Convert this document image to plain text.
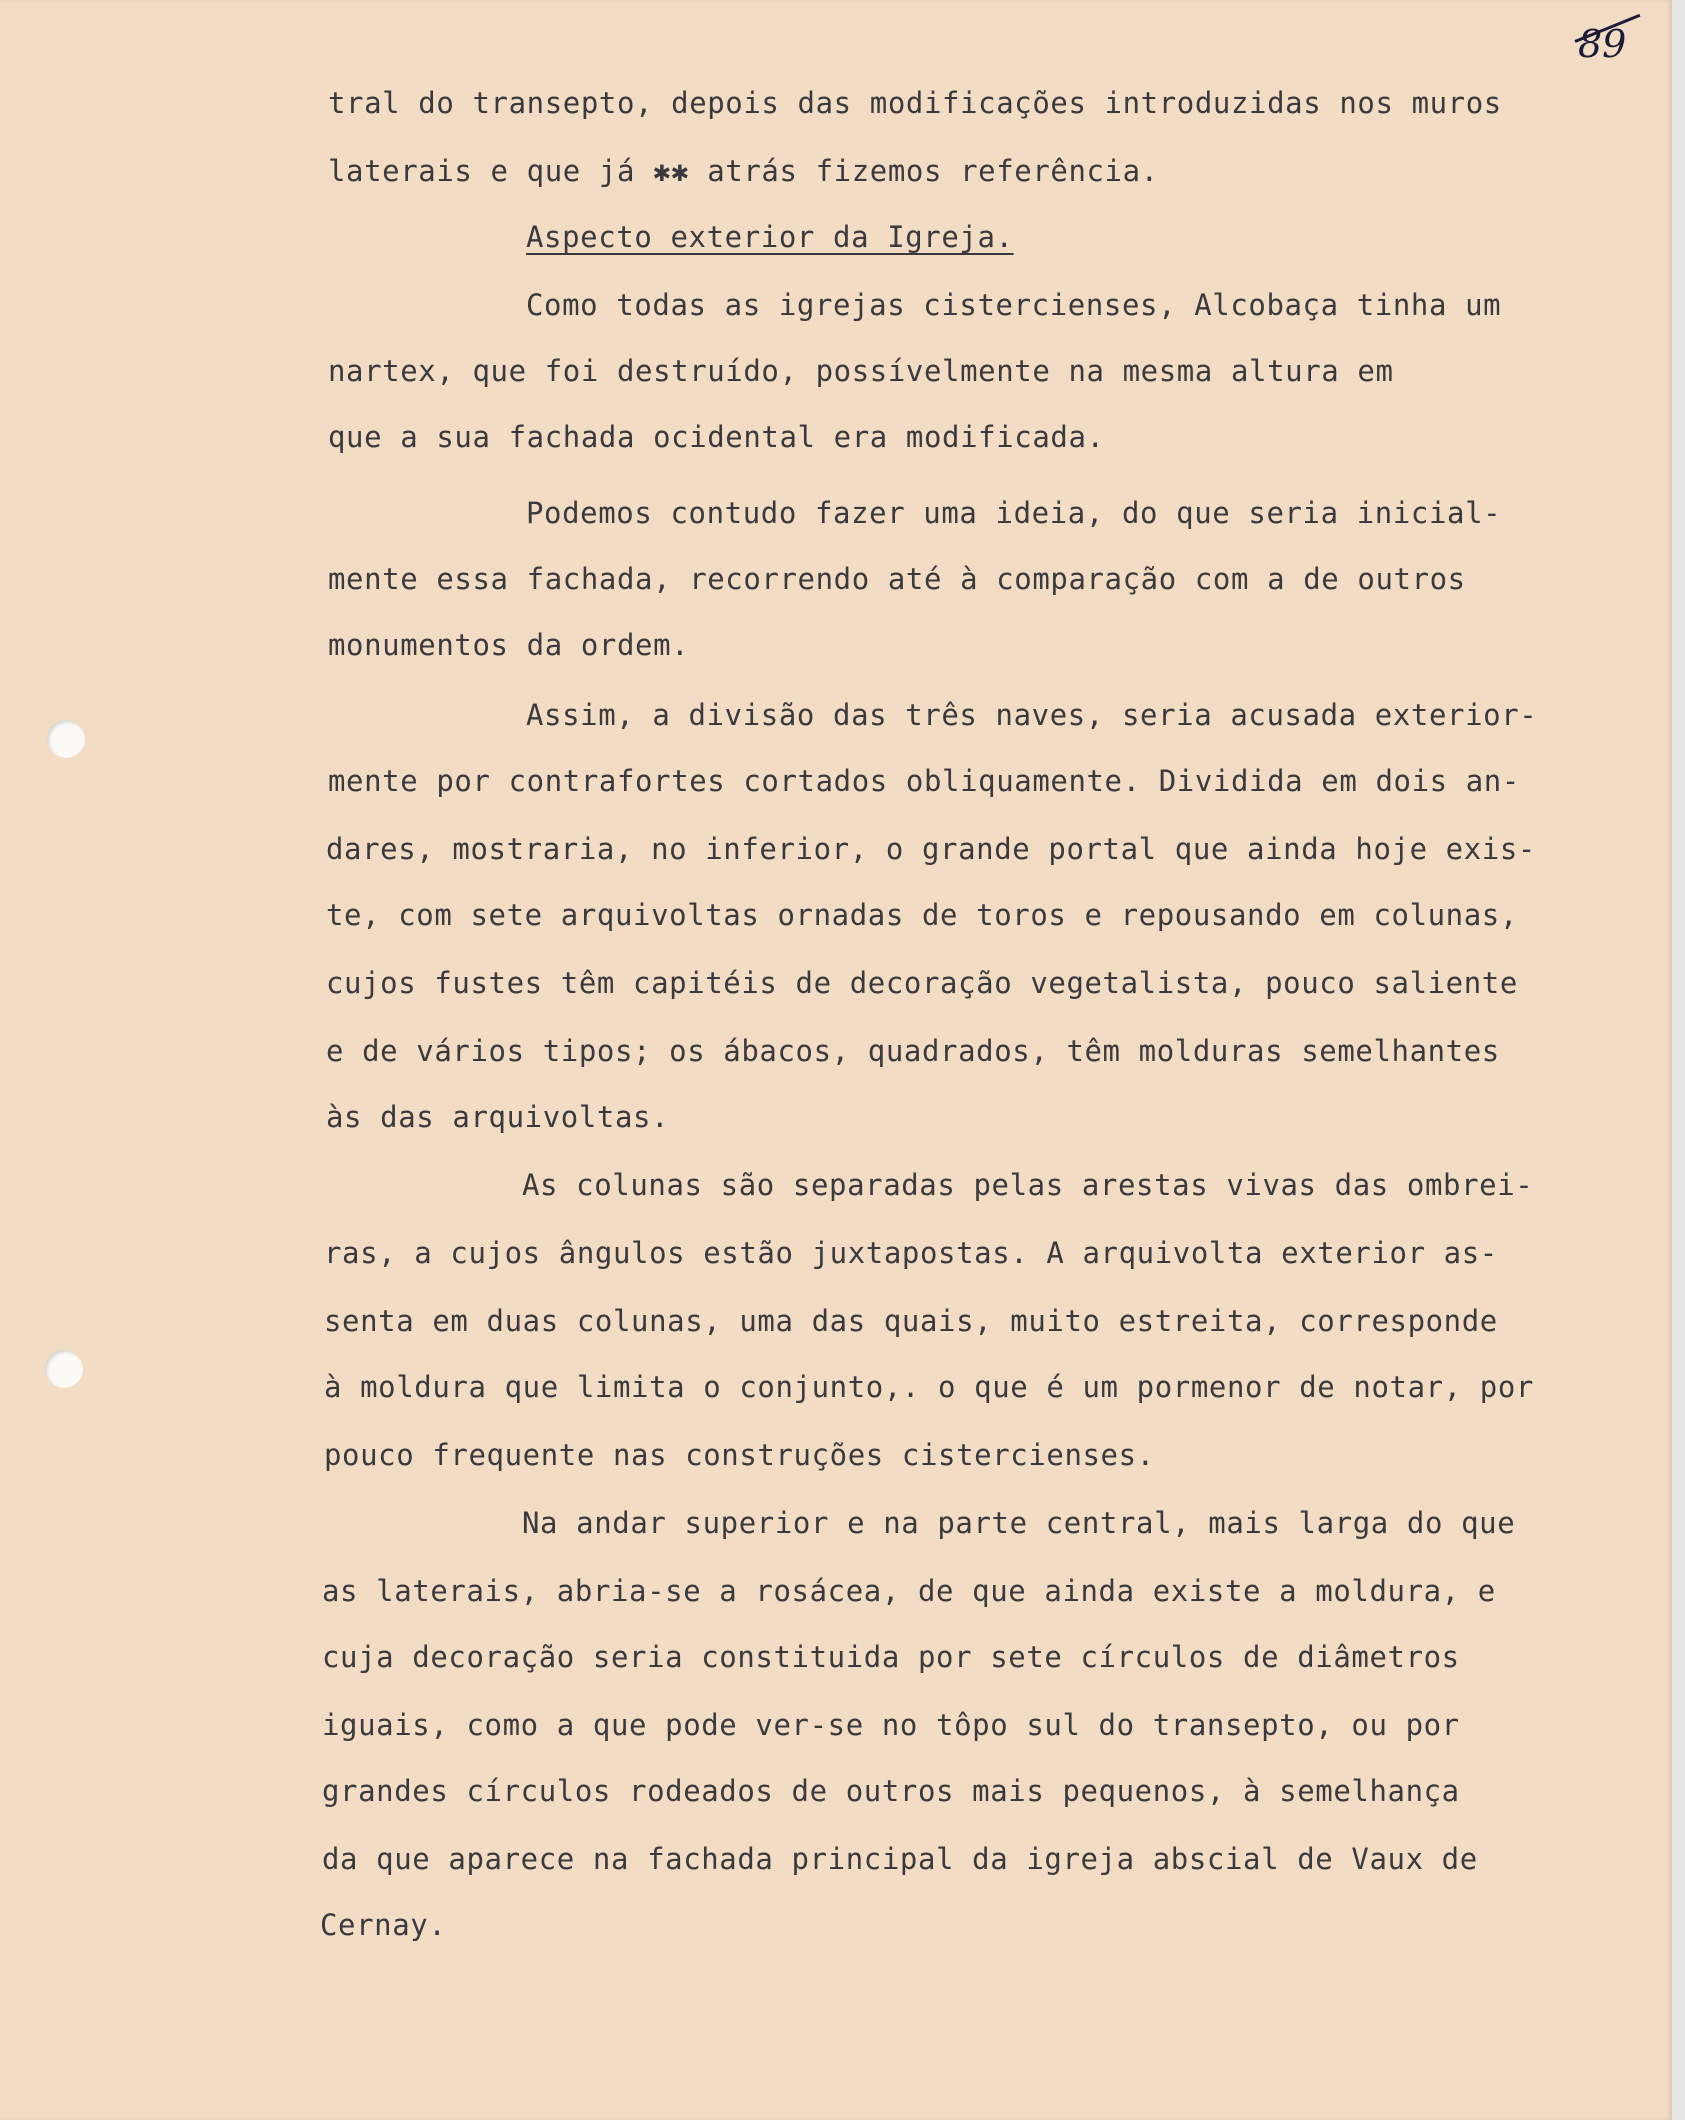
89
tral do transepto, depois das modificações introduzidas nos muros
laterais e que já ✱✱ atrás fizemos referência.
Aspecto exterior da Igreja.
Como todas as igrejas cistercienses, Alcobaça tinha um
nartex, que foi destruído, possívelmente na mesma altura em
que a sua fachada ocidental era modificada.
Podemos contudo fazer uma ideia, do que seria inicial-
mente essa fachada, recorrendo até à comparação com a de outros
monumentos da ordem.
Assim, a divisão das três naves, seria acusada exterior-
mente por contrafortes cortados obliquamente. Dividida em dois an-
dares, mostraria, no inferior, o grande portal que ainda hoje exis-
te, com sete arquivoltas ornadas de toros e repousando em colunas,
cujos fustes têm capitéis de decoração vegetalista, pouco saliente
e de vários tipos; os ábacos, quadrados, têm molduras semelhantes
às das arquivoltas.
As colunas são separadas pelas arestas vivas das ombrei-
ras, a cujos ângulos estão juxtapostas. A arquivolta exterior as-
senta em duas colunas, uma das quais, muito estreita, corresponde
à moldura que limita o conjunto,. o que é um pormenor de notar, por
pouco frequente nas construções cistercienses.
Na andar superior e na parte central, mais larga do que
as laterais, abria-se a rosácea, de que ainda existe a moldura, e
cuja decoração seria constituida por sete círculos de diâmetros
iguais, como a que pode ver-se no tôpo sul do transepto, ou por
grandes círculos rodeados de outros mais pequenos, à semelhança
da que aparece na fachada principal da igreja abscial de Vaux de
Cernay.
